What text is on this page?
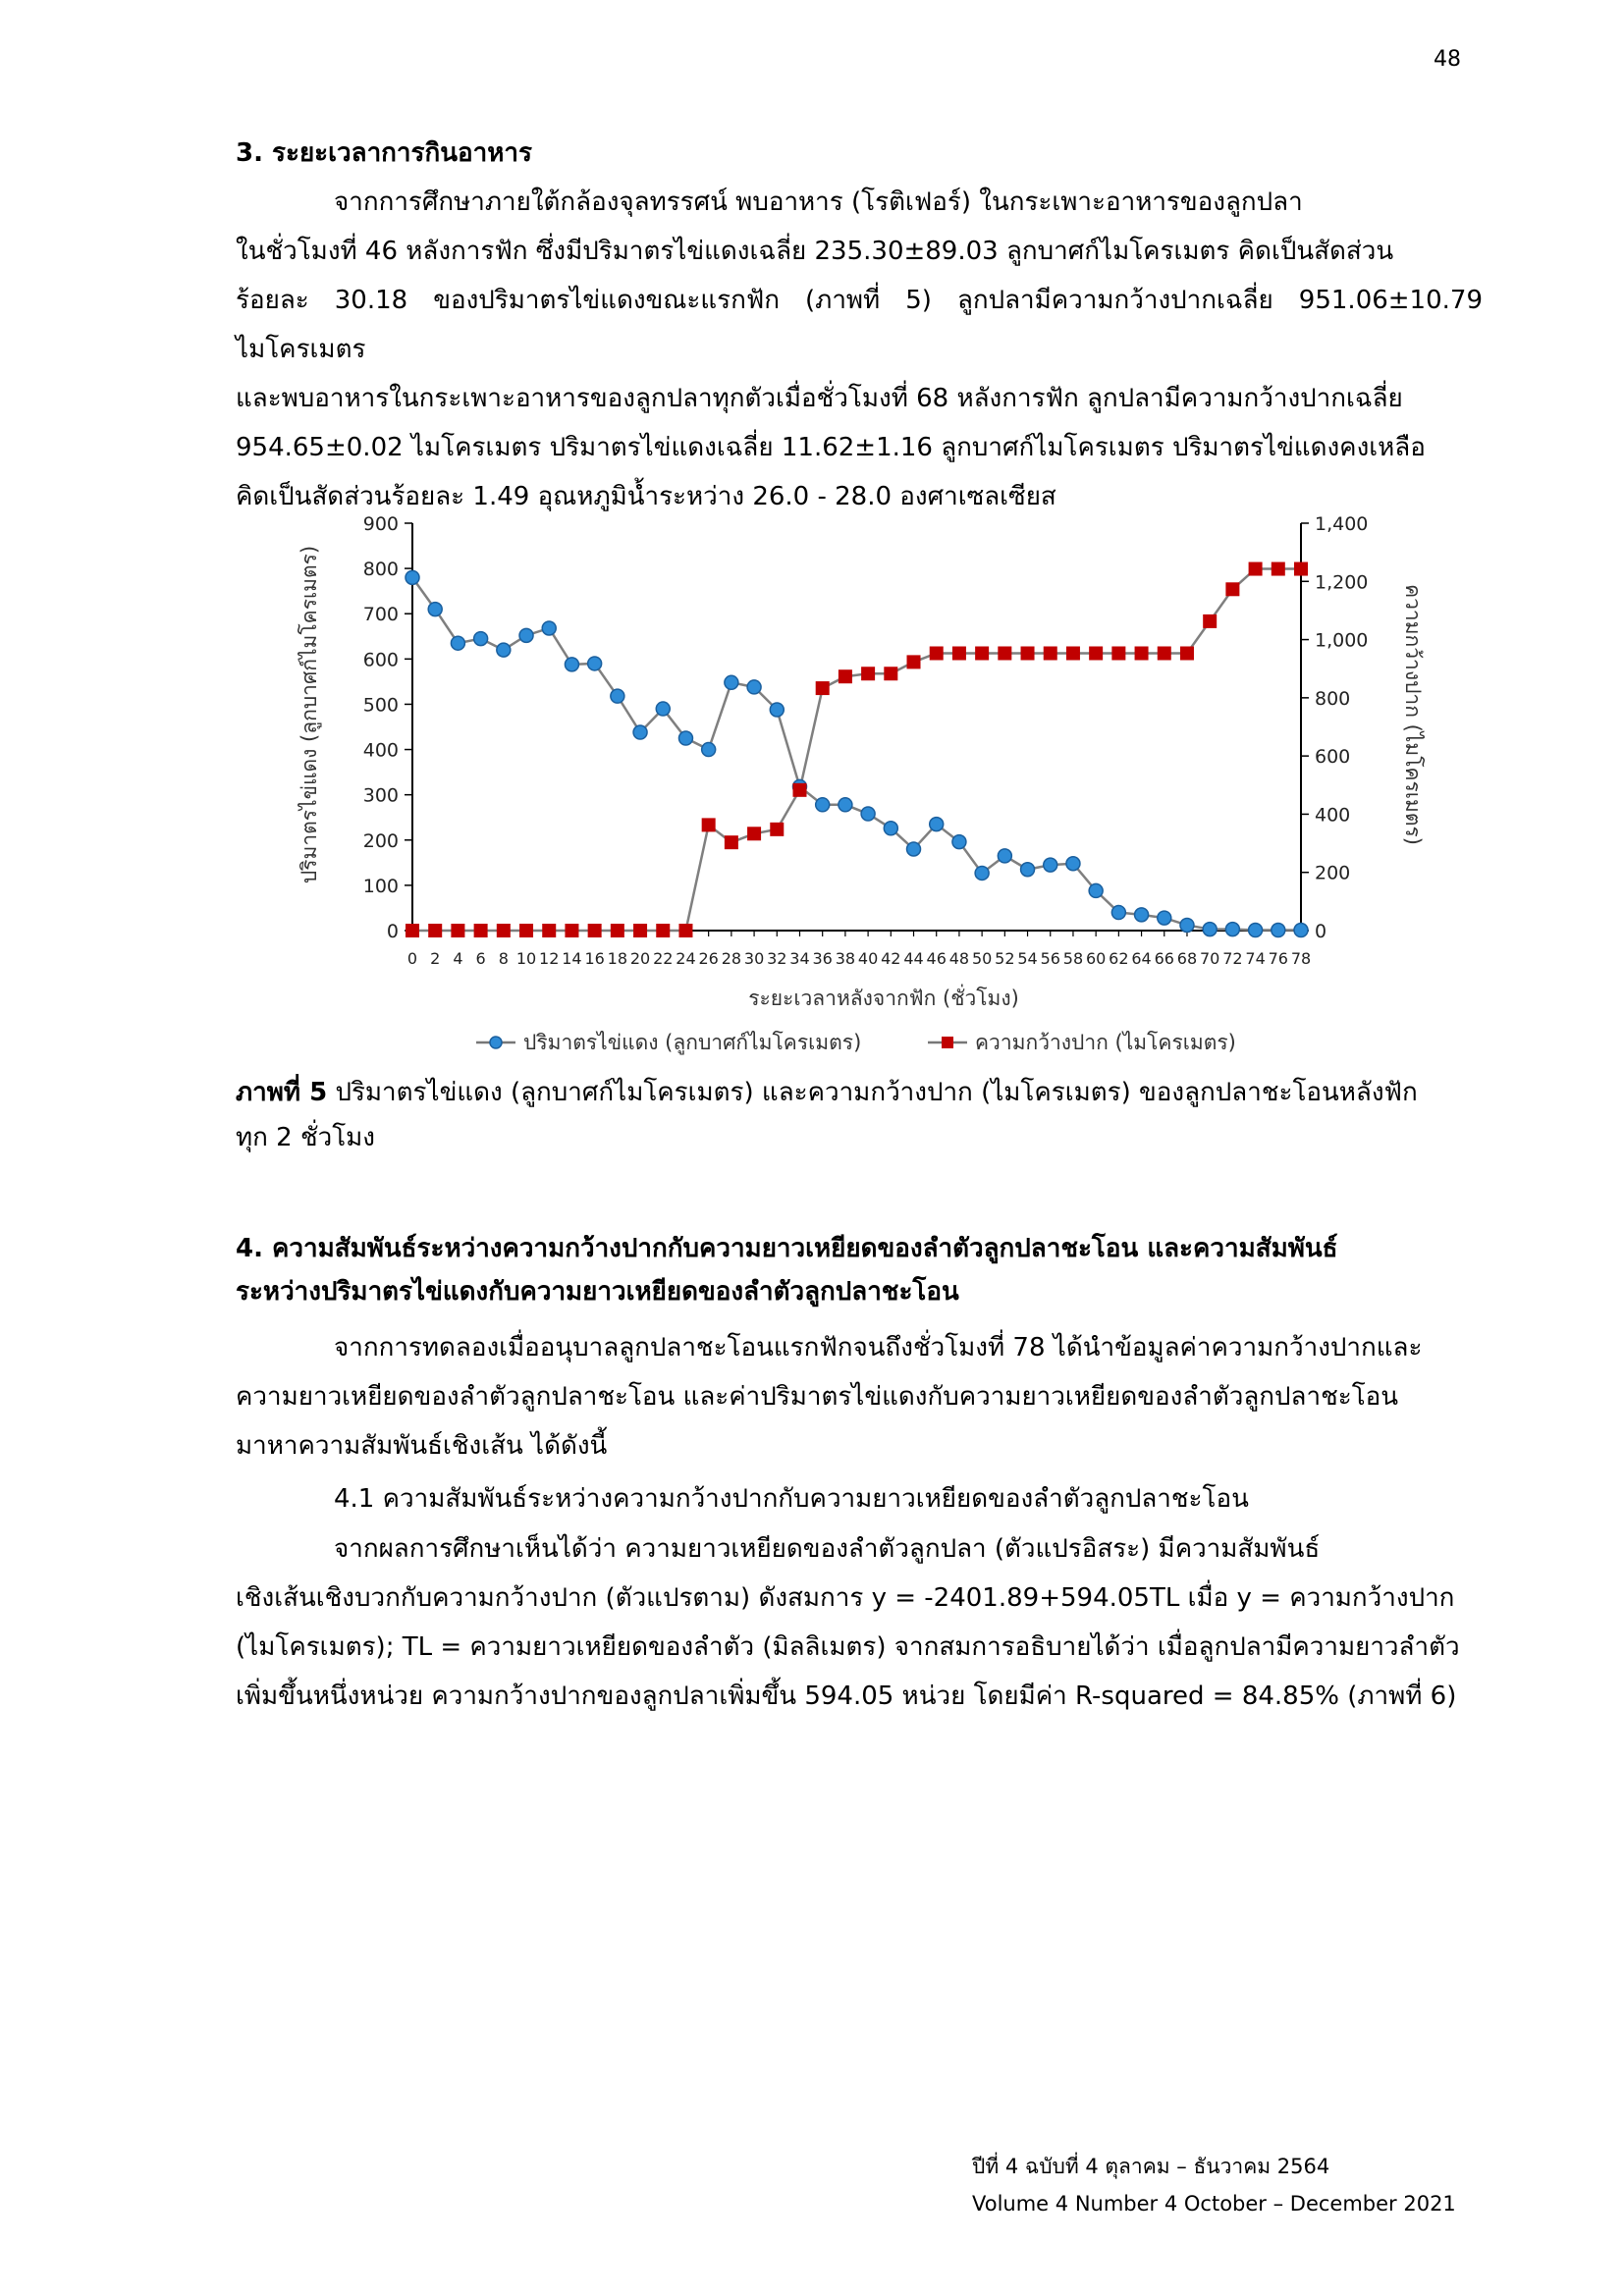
48
3. ระยะเวลาการกินอาหาร
จากการศึกษาภายใต้กล้องจุลทรรศน์ พบอาหาร (โรติเฟอร์) ในกระเพาะอาหารของลูกปลา
ในชั่วโมงที่ 46 หลังการฟัก ซึ่งมีปริมาตรไข่แดงเฉลี่ย 235.30±89.03 ลูกบาศก์ไมโครเมตร คิดเป็นสัดส่วน
ร้อยละ 30.18 ของปริมาตรไข่แดงขณะแรกฟัก (ภาพที่ 5) ลูกปลามีความกว้างปากเฉลี่ย 951.06±10.79 ไมโครเมตร
และพบอาหารในกระเพาะอาหารของลูกปลาทุกตัวเมื่อชั่วโมงที่ 68 หลังการฟัก ลูกปลามีความกว้างปากเฉลี่ย
954.65±0.02 ไมโครเมตร ปริมาตรไข่แดงเฉลี่ย 11.62±1.16 ลูกบาศก์ไมโครเมตร ปริมาตรไข่แดงคงเหลือ
คิดเป็นสัดส่วนร้อยละ 1.49 อุณหภูมิน้ำระหว่าง 26.0 - 28.0 องศาเซลเซียส
0
100
200
300
400
500
600
700
800
900
0
200
400
600
800
1,000
1,200
1,400
0 2 4 6 8 10 12 14 16 18 20 22 24 26 28 30 32 34 36 38 40 42 44 46 48 50 52 54 56 58 60 62 64 66 68 70 72 74 76 78
ปริมาตรไข่แดง (ลูกบาศก์ไมโครเมตร)	ความกว้างปาก (ไมโครเมตร)
ระยะเวลาหลังจากฟัก (ชั่วโมง)
ปริมาตรไข่แดง (ลูกบาศก์ไมโครเมตร)	ความกว้างปาก (ไมโครเมตร)
ภาพที่ 5 ปริมาตรไข่แดง (ลูกบาศก์ไมโครเมตร) และความกว้างปาก (ไมโครเมตร) ของลูกปลาชะโอนหลังฟัก
ทุก 2 ชั่วโมง
4. ความสัมพันธ์ระหว่างความกว้างปากกับความยาวเหยียดของลำตัวลูกปลาชะโอน และความสัมพันธ์
ระหว่างปริมาตรไข่แดงกับความยาวเหยียดของลำตัวลูกปลาชะโอน
จากการทดลองเมื่ออนุบาลลูกปลาชะโอนแรกฟักจนถึงชั่วโมงที่ 78 ได้นำข้อมูลค่าความกว้างปากและ
ความยาวเหยียดของลำตัวลูกปลาชะโอน และค่าปริมาตรไข่แดงกับความยาวเหยียดของลำตัวลูกปลาชะโอน
มาหาความสัมพันธ์เชิงเส้น ได้ดังนี้
4.1 ความสัมพันธ์ระหว่างความกว้างปากกับความยาวเหยียดของลำตัวลูกปลาชะโอน
จากผลการศึกษาเห็นได้ว่า ความยาวเหยียดของลำตัวลูกปลา (ตัวแปรอิสระ) มีความสัมพันธ์
เชิงเส้นเชิงบวกกับความกว้างปาก (ตัวแปรตาม) ดังสมการ y = -2401.89+594.05TL เมื่อ y = ความกว้างปาก
(ไมโครเมตร); TL = ความยาวเหยียดของลำตัว (มิลลิเมตร) จากสมการอธิบายได้ว่า เมื่อลูกปลามีความยาวลำตัว
เพิ่มขึ้นหนึ่งหน่วย ความกว้างปากของลูกปลาเพิ่มขึ้น 594.05 หน่วย โดยมีค่า R-squared = 84.85% (ภาพที่ 6)
ปีที่ 4 ฉบับที่ 4 ตุลาคม – ธันวาคม 2564
Volume 4 Number 4 October – December 2021
